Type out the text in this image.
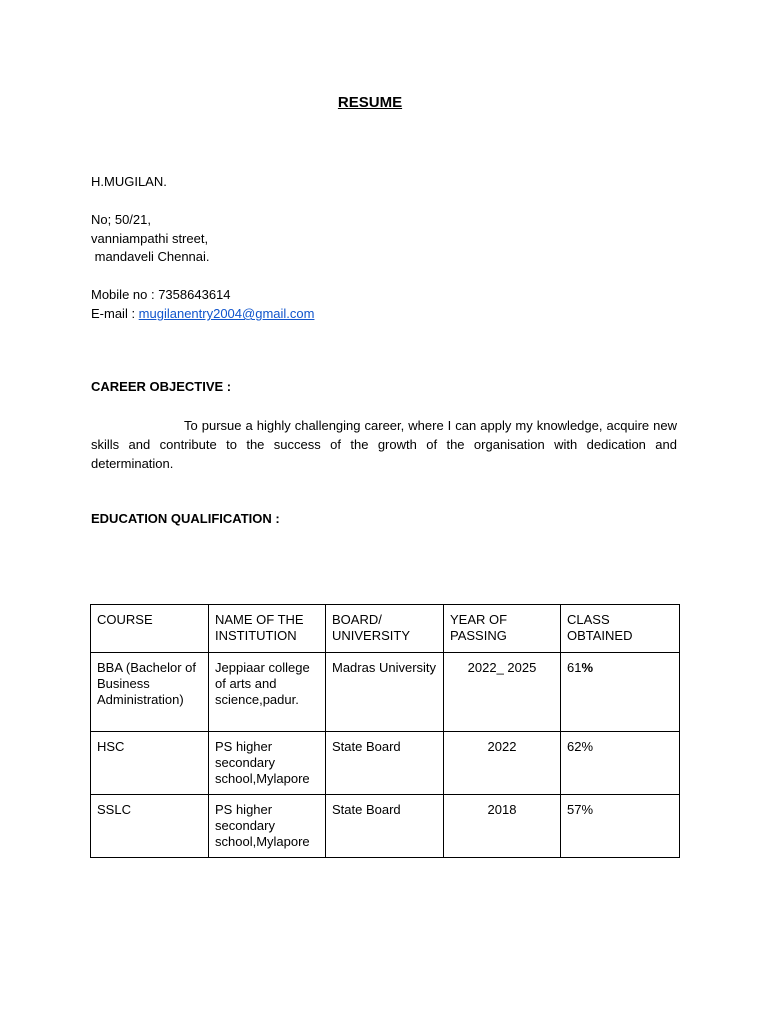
RESUME
H.MUGILAN.
No; 50/21,
vanniampathi street,
mandaveli Chennai.
Mobile no : 7358643614
E-mail : mugilanentry2004@gmail.com
CAREER OBJECTIVE :
To pursue a highly challenging career, where I can apply my knowledge, acquire new skills and contribute to the success of the growth of the organisation with dedication and determination.
EDUCATION QUALIFICATION :
COURSE	NAME OF THE INSTITUTION	BOARD/ UNIVERSITY	YEAR OF PASSING	CLASS OBTAINED
BBA (Bachelor of Business Administration)	Jeppiaar college of arts and science,padur.	Madras University	2022_ 2025	61%
HSC	PS higher secondary school,Mylapore	State Board	2022	62%
SSLC	PS higher secondary school,Mylapore	State Board	2018	57%
